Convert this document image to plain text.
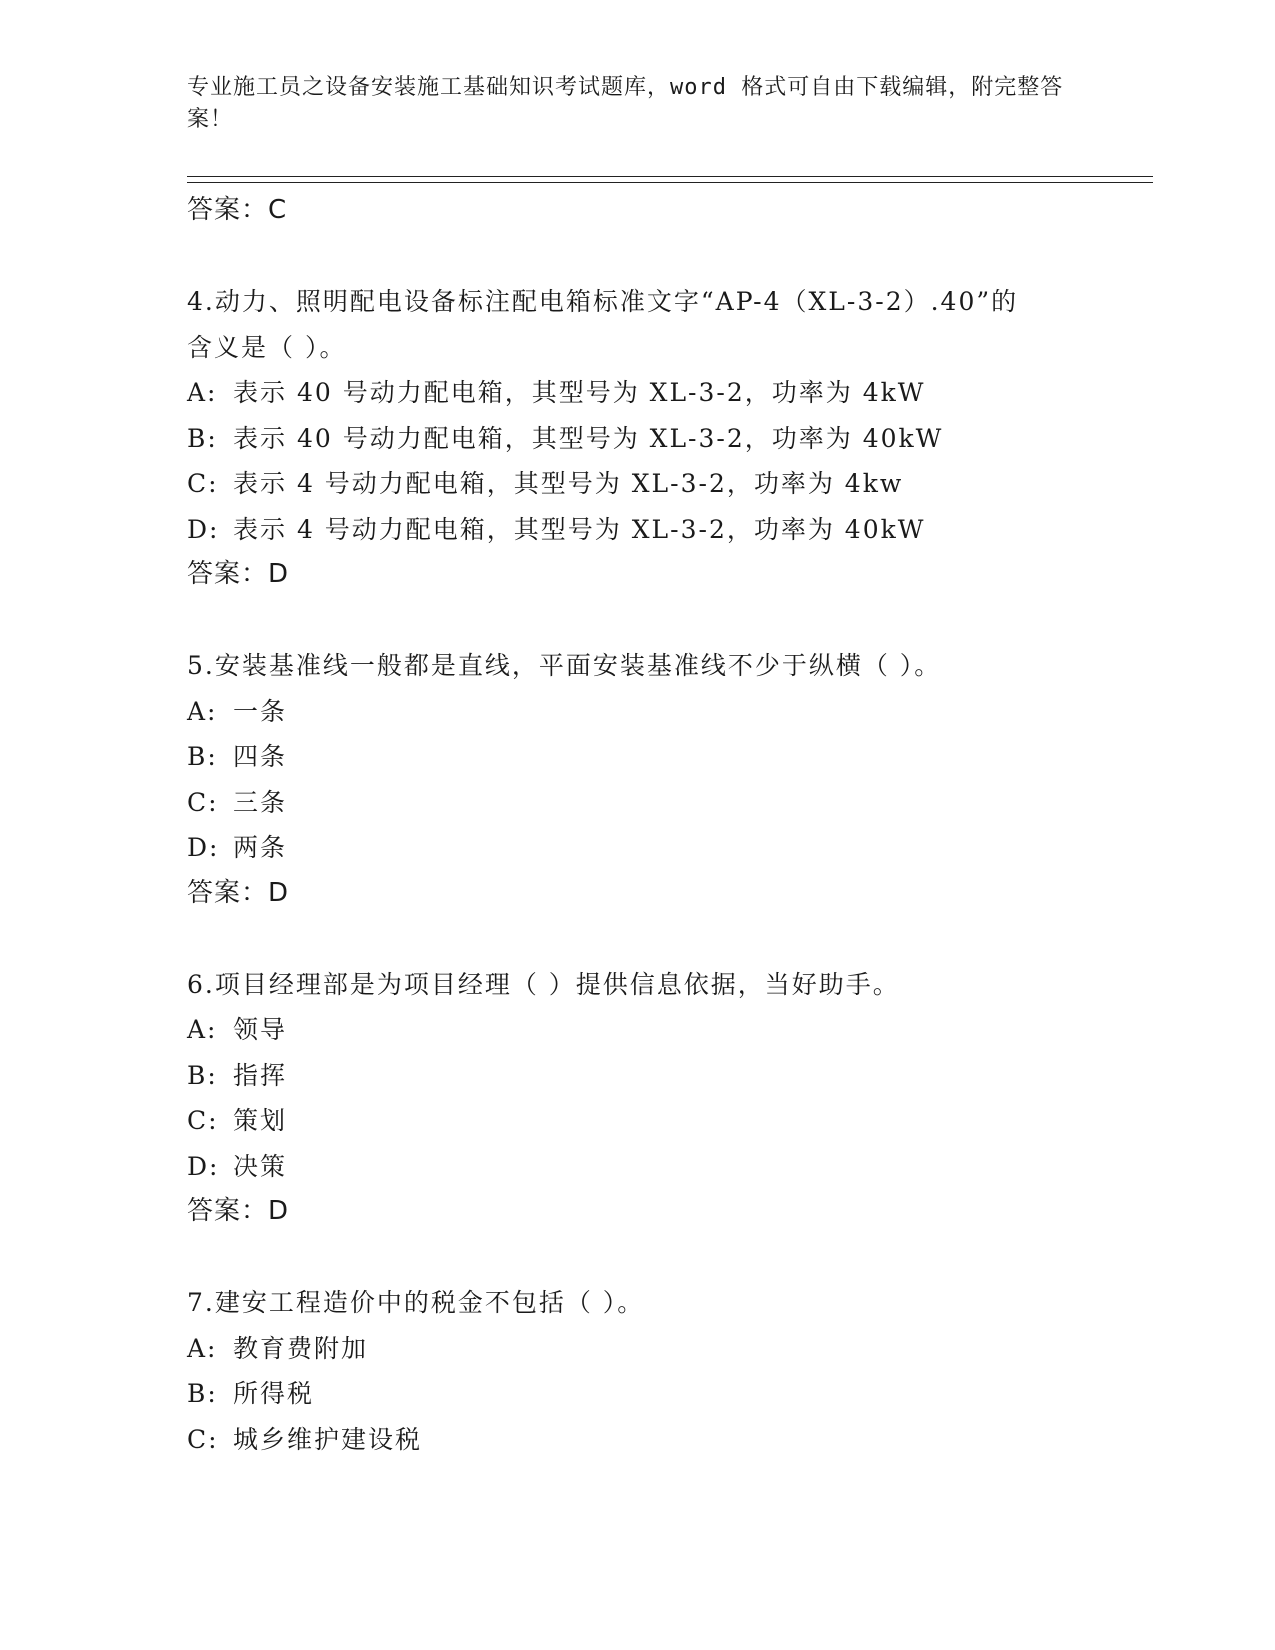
专业施工员之设备安装施工基础知识考试题库，word 格式可自由下载编辑，附完整答案！
答案：C
4.动力、照明配电设备标注配电箱标准文字“AP-4（XL-3-2）.40”的
含义是（ ）。
A: 表示 40 号动力配电箱，其型号为 XL-3-2，功率为 4kW
B: 表示 40 号动力配电箱，其型号为 XL-3-2，功率为 40kW
C: 表示 4 号动力配电箱，其型号为 XL-3-2，功率为 4kw
D: 表示 4 号动力配电箱，其型号为 XL-3-2，功率为 40kW
答案：D
5.安装基准线一般都是直线，平面安装基准线不少于纵横（ ）。
A: 一条
B: 四条
C: 三条
D: 两条
答案：D
6.项目经理部是为项目经理（ ）提供信息依据，当好助手。
A: 领导
B: 指挥
C: 策划
D: 决策
答案：D
7.建安工程造价中的税金不包括（ ）。
A: 教育费附加
B: 所得税
C: 城乡维护建设税
